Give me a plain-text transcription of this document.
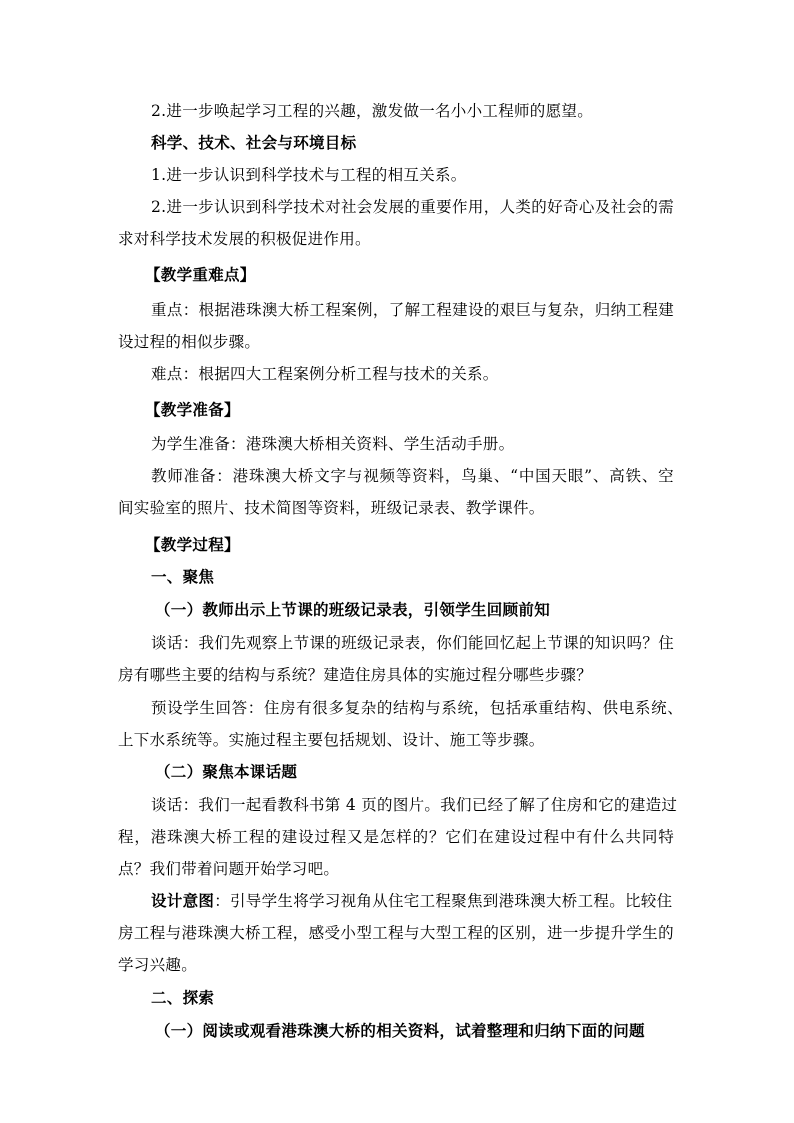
2.进一步唤起学习工程的兴趣，激发做一名小小工程师的愿望。
科学、技术、社会与环境目标
1.进一步认识到科学技术与工程的相互关系。
2.进一步认识到科学技术对社会发展的重要作用，人类的好奇心及社会的需
求对科学技术发展的积极促进作用。
【教学重难点】
重点：根据港珠澳大桥工程案例，了解工程建设的艰巨与复杂，归纳工程建
设过程的相似步骤。
难点：根据四大工程案例分析工程与技术的关系。
【教学准备】
为学生准备：港珠澳大桥相关资料、学生活动手册。
教师准备：港珠澳大桥文字与视频等资料，鸟巢、“中国天眼”、高铁、空
间实验室的照片、技术简图等资料，班级记录表、教学课件。
【教学过程】
一、聚焦
（一）教师出示上节课的班级记录表，引领学生回顾前知
谈话：我们先观察上节课的班级记录表，你们能回忆起上节课的知识吗？住
房有哪些主要的结构与系统？建造住房具体的实施过程分哪些步骤？
预设学生回答：住房有很多复杂的结构与系统，包括承重结构、供电系统、
上下水系统等。实施过程主要包括规划、设计、施工等步骤。
（二）聚焦本课话题
谈话：我们一起看教科书第 4 页的图片。我们已经了解了住房和它的建造过
程，港珠澳大桥工程的建设过程又是怎样的？它们在建设过程中有什么共同特
点？我们带着问题开始学习吧。
设计意图：引导学生将学习视角从住宅工程聚焦到港珠澳大桥工程。比较住
房工程与港珠澳大桥工程，感受小型工程与大型工程的区别，进一步提升学生的
学习兴趣。
二、探索
（一）阅读或观看港珠澳大桥的相关资料，试着整理和归纳下面的问题
